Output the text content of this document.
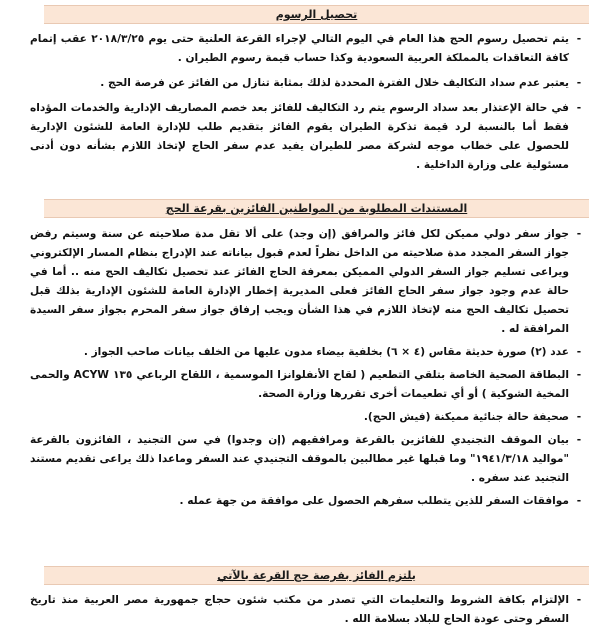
تحصيل الرسوم
-
يتم تحصيل رسوم الحج هذا العام في اليوم التالي لإجراء القرعة العلنية حتى يوم ٢٠١٨/٣/٢٥ عقب إتمام كافة التعاقدات بالمملكة العربية السعودية وكذا حساب قيمة رسوم الطيران .
-
يعتبر عدم سداد التكاليف خلال الفترة المحددة لذلك بمثابة تنازل من الفائز عن فرصة الحج .
-
في حالة الإعتذار بعد سداد الرسوم يتم رد التكاليف للفائز بعد خصم المصاريف الإدارية والخدمات المؤداه فقط أما بالنسبة لرد قيمة تذكرة الطيران يقوم الفائز بتقديم طلب للإدارة العامة للشئون الإدارية للحصول على خطاب موجه لشركة مصر للطيران يفيد عدم سفر الحاج لإتخاذ اللازم بشأنه دون أدنى مسئولية على وزارة الداخلية .
المستندات المطلوبة من المواطنين الفائزين بقرعة الحج
-
جواز سفر دولي مميكن لكل فائز والمرافق (إن وجد) على ألا تقل مدة صلاحيته عن سنة وسيتم رفض جواز السفر المجدد مدة صلاحيته من الداخل نظراً لعدم قبول بياناته عند الإدراج بنظام المسار الإلكتروني ويراعى تسليم جواز السفر الدولي المميكن بمعرفة الحاج الفائز عند تحصيل تكاليف الحج منه .. أما في حالة عدم وجود جواز سفر الحاج الفائز فعلى المديرية إخطار الإدارة العامة للشئون الإدارية بذلك قبل تحصيل تكاليف الحج منه لإتخاذ اللازم في هذا الشأن ويجب إرفاق جواز سفر المحرم بجواز سفر السيدة المرافقة له .
-
عدد (٢) صورة حديثة مقاس (٤ × ٦) بخلفية بيضاء مدون عليها من الخلف بيانات صاحب الجواز .
-
البطاقة الصحية الخاصة بتلقي التطعيم ( لقاح الأنفلوانزا الموسمية ، اللقاح الرباعي ١٣٥ ACYW والحمى المخية الشوكية ) أو أي تطعيمات أخرى تقررها وزارة الصحة.
-
صحيفة حالة جنائية مميكنة (فيش الحج).
-
بيان الموقف التجنيدي للفائزين بالقرعة ومرافقيهم (إن وجدوا) في سن التجنيد ، الفائزون بالقرعة "مواليد ١٩٤١/٣/١٨" وما قبلها غير مطالبين بالموقف التجنيدي عند السفر وماعدا ذلك يراعى تقديم مستند التجنيد عند سفره .
-
موافقات السفر للذين يتطلب سفرهم الحصول على موافقة من جهة عمله .
يلتزم الفائز بفرصة حج القرعة بالآتي
-
الإلتزام بكافة الشروط والتعليمات التي تصدر من مكتب شئون حجاج جمهورية مصر العربية منذ تاريخ السفر وحتى عودة الحاج للبلاد بسلامة الله .
